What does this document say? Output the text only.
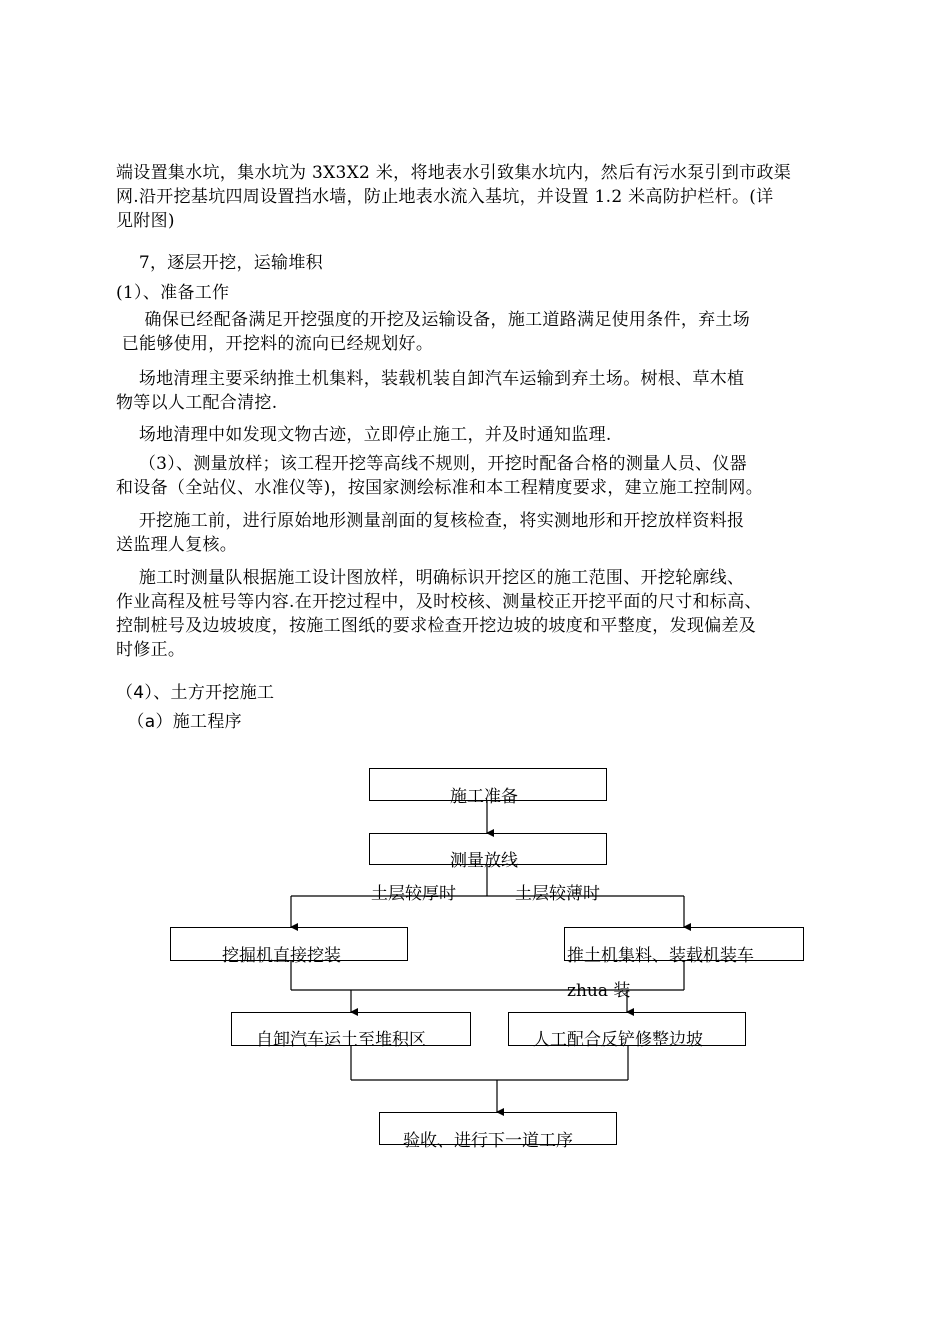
端设置集水坑，集水坑为 3X3X2 米，将地表水引致集水坑内，然后有污水泵引到市政渠
网.沿开挖基坑四周设置挡水墙，防止地表水流入基坑，并设置 1.2 米高防护栏杆。(详
见附图)
7，逐层开挖，运输堆积
(1）、准备工作
确保已经配备满足开挖强度的开挖及运输设备，施工道路满足使用条件，弃土场
已能够使用，开挖料的流向已经规划好。
场地清理主要采纳推土机集料，装载机装自卸汽车运输到弃土场。树根、草木植
物等以人工配合清挖.
场地清理中如发现文物古迹，立即停止施工，并及时通知监理.
（3）、测量放样；该工程开挖等高线不规则，开挖时配备合格的测量人员、仪器
和设备（全站仪、水准仪等)，按国家测绘标准和本工程精度要求，建立施工控制网。
开挖施工前，进行原始地形测量剖面的复核检查，将实测地形和开挖放样资料报
送监理人复核。
施工时测量队根据施工设计图放样，明确标识开挖区的施工范围、开挖轮廓线、
作业高程及桩号等内容.在开挖过程中，及时校核、测量校正开挖平面的尺寸和标高、
控制桩号及边坡坡度，按施工图纸的要求检查开挖边坡的坡度和平整度，发现偏差及
时修正。
（4）、土方开挖施工
（a）施工程序
施工准备
测量放线
土层较厚时	土层较薄时
挖掘机直接挖装	推土机集料、装载机装车
zhua 装
自卸汽车运土至堆积区	人工配合反铲修整边坡
验收、进行下一道工序
